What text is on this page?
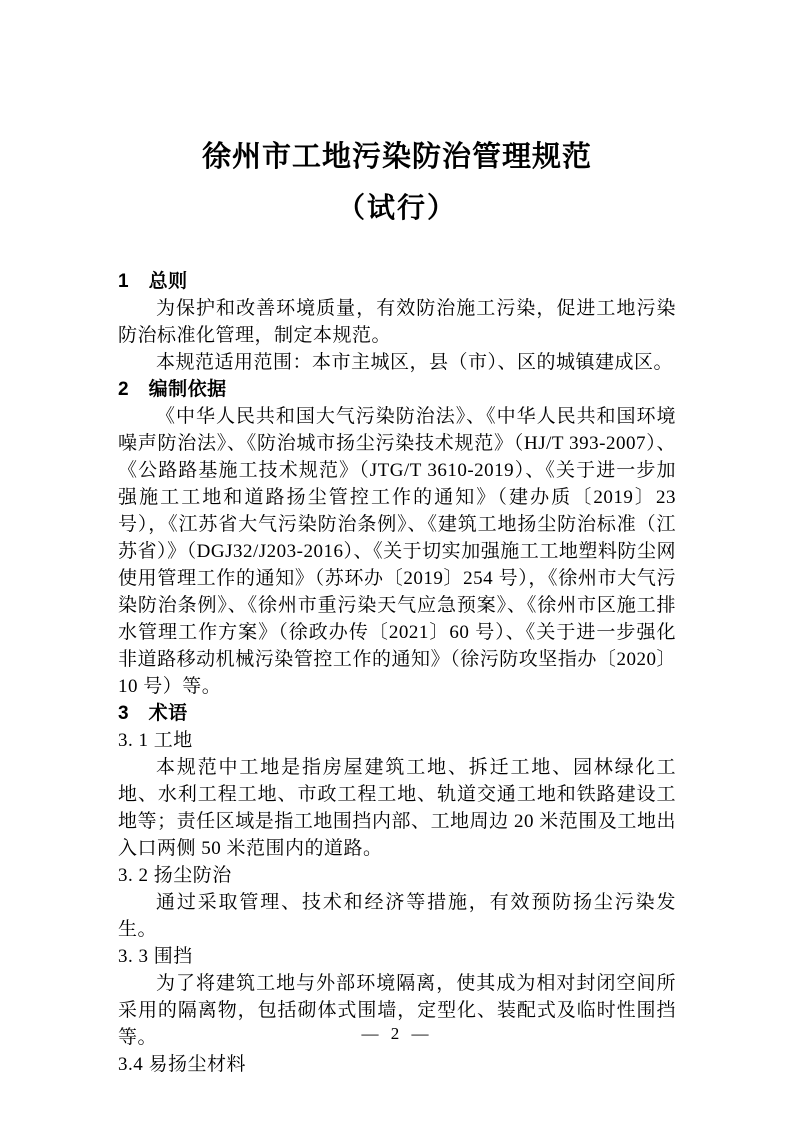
徐州市工地污染防治管理规范
（试行）
1　总则
为保护和改善环境质量，有效防治施工污染，促进工地污染防治标准化管理，制定本规范。
本规范适用范围：本市主城区，县（市）、区的城镇建成区。
2　编制依据
《中华人民共和国大气污染防治法》、《中华人民共和国环境噪声防治法》、《防治城市扬尘污染技术规范》（HJ/T 393-2007）、《公路路基施工技术规范》（JTG/T 3610-2019）、《关于进一步加强施工工地和道路扬尘管控工作的通知》（建办质〔2019〕23 号），《江苏省大气污染防治条例》、《建筑工地扬尘防治标准（江苏省）》（DGJ32/J203-2016）、《关于切实加强施工工地塑料防尘网使用管理工作的通知》（苏环办〔2019〕254 号），《徐州市大气污染防治条例》、《徐州市重污染天气应急预案》、《徐州市区施工排水管理工作方案》（徐政办传〔2021〕60 号）、《关于进一步强化非道路移动机械污染管控工作的通知》（徐污防攻坚指办〔2020〕10 号）等。
3　术语
3. 1 工地
本规范中工地是指房屋建筑工地、拆迁工地、园林绿化工地、水利工程工地、市政工程工地、轨道交通工地和铁路建设工地等；责任区域是指工地围挡内部、工地周边 20 米范围及工地出入口两侧 50 米范围内的道路。
3. 2 扬尘防治
通过采取管理、技术和经济等措施，有效预防扬尘污染发生。
3. 3 围挡
为了将建筑工地与外部环境隔离，使其成为相对封闭空间所采用的隔离物，包括砌体式围墙，定型化、装配式及临时性围挡等。
3.4 易扬尘材料
— 2 —
